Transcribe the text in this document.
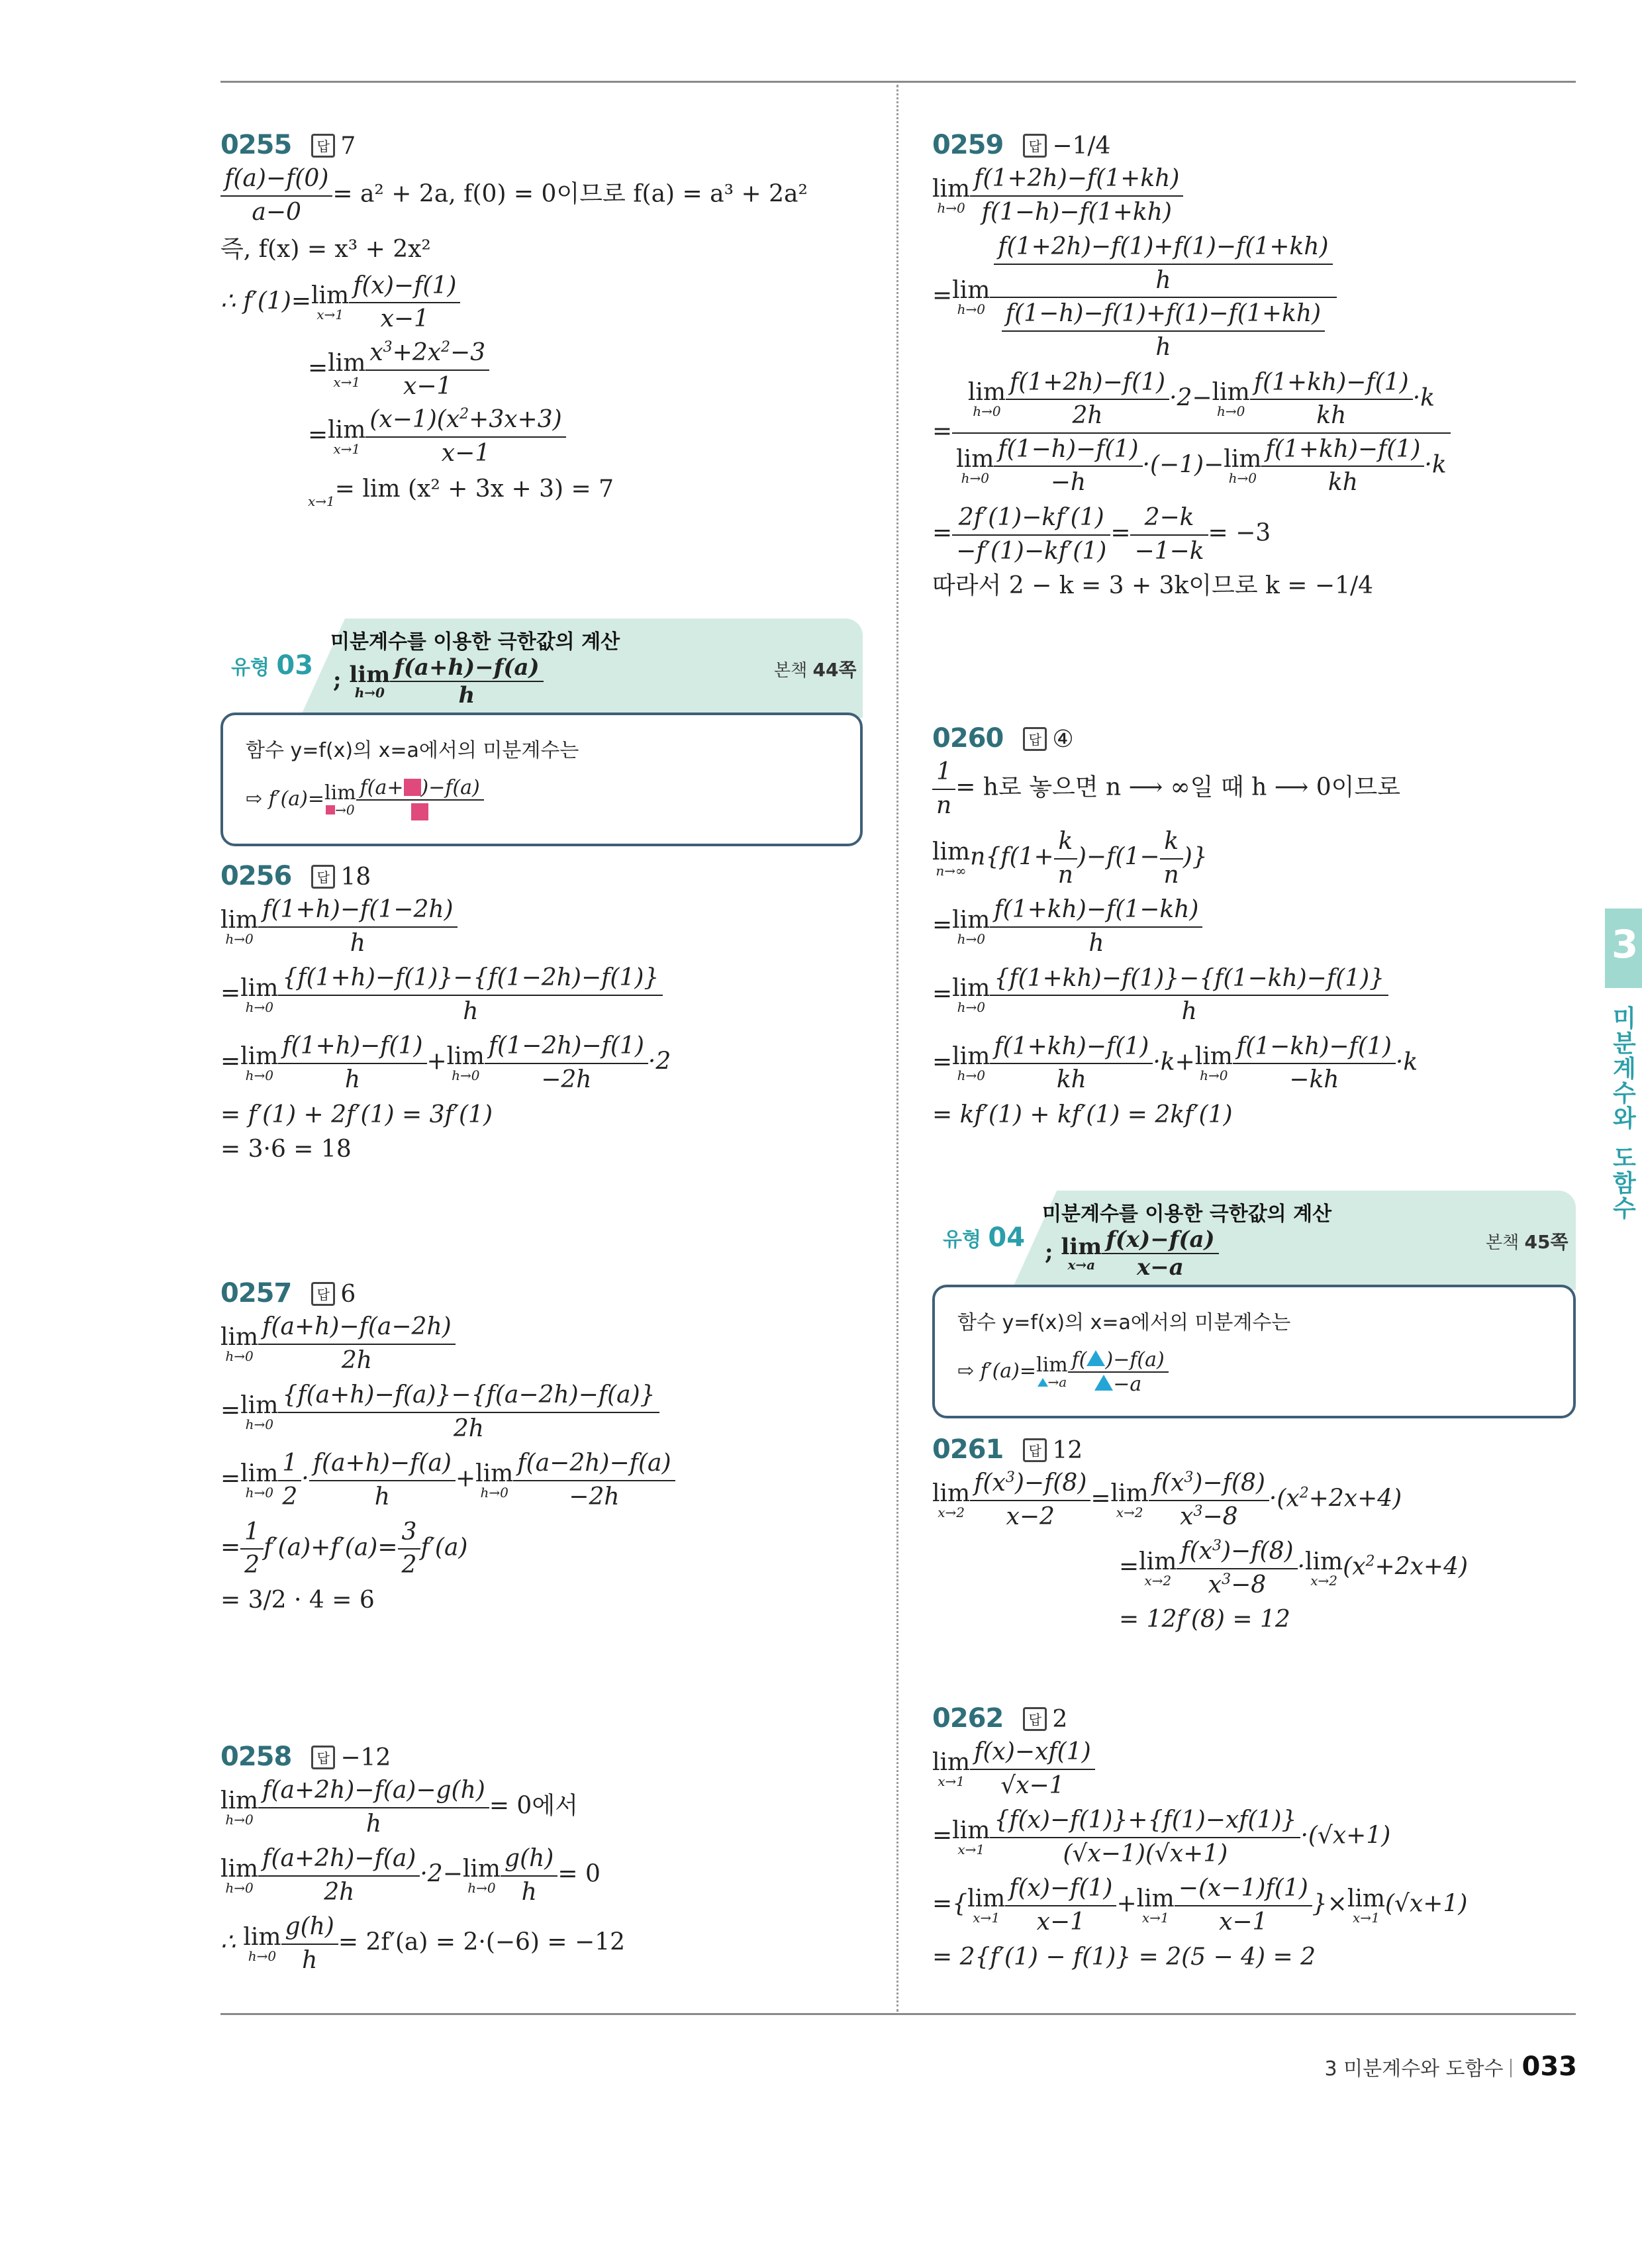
0255 답 7
$\frac{f(a)-f(0)}{a-0} = a^2 + 2a$, f(0) = 0이므로 f(a) = a³ + 2a²
즉, f(x) = x³ + 2x²
∴ f′(1)=lim
$x\to 1 \frac{f(x)-f(1)}{x-1}$
=lim
$x\to 1 \frac{x^3+2x^2-3}{x-1}$
=lim
$x\to 1 \frac{(x-1)(x^2+3x+3)}{x-1}$

x→1 = lim (x² + 3x + 3) = 7
유형 03
미분계수를 이용한 극한값의 계산
; lim
$h\to 0 \frac{f(a+h)-f(a)}{h}$	본책 44쪽
함수 y=f(x)의 x=a에서의 미분계수는
⇨ f′(a)=lim
→0
f(a+ )−f(a)
0256 답 18
lim
$h\to 0 \frac{f(1+h)-f(1-2h)}{h}$
=lim
$h\to 0 \frac{\{f(1+h)-f(1)\}-\{f(1-2h)-f(1)\}}{h}$
=lim
$h\to 0 \frac{f(1+h)-f(1)}{h} +\lim$
$h\to 0 \frac{f(1-2h)-f(1)}{-2h} \cdot 2$
= f′(1) + 2f′(1) = 3f′(1)
= 3·6 = 18
0257 답 6
lim
$h\to 0 \frac{f(a+h)-f(a-2h)}{2h}$
=lim
$h\to 0 \frac{\{f(a+h)-f(a)\}-\{f(a-2h)-f(a)\}}{2h}$
=lim
$h\to 0 \frac{1}{2} \cdot \frac{f(a+h)-f(a)}{h} +\lim$
$h\to 0 \frac{f(a-2h)-f(a)}{-2h}$
= $\frac{1}{2} f'(a)+f'(a)= \frac{3}{2} f'(a)$
= 3/2 · 4 = 6
0258 답 −12
lim
$h\to 0 \frac{f(a+2h)-f(a)-g(h)}{h} = 0$에서
lim
$h\to 0 \frac{f(a+2h)-f(a)}{2h} \cdot 2-\lim$
$h\to 0 \frac{g(h)}{h} = 0$
∴ lim
$h\to 0 \frac{g(h)}{h} = 2f'(a) = 2\cdot(-6) = -12$
0259 답 −1/4
lim
$h\to 0 \frac{f(1+2h)-f(1+kh)}{f(1-h)-f(1+kh)}$
=lim
$h\to 0 \frac{\frac{f(1+2h)-f(1)+f(1)-f(1+kh)}{h}}{\frac{f(1-h)-f(1)+f(1)-f(1+kh)}{h}}$
= lim
$h\to 0 \frac{f(1+2h)-f(1)}{2h} \cdot 2-\lim$
$h\to 0 \frac{f(1+kh)-f(1)}{kh} \cdot k$
lim
$h\to 0 \frac{f(1-h)-f(1)}{-h} \cdot(-1)-\lim$
$h\to 0 \frac{f(1+kh)-f(1)}{kh} \cdot k$
= $\frac{2f'(1)-kf'(1)}{-f'(1)-kf'(1)} = \frac{2-k}{-1-k} = -3$
따라서 2 − k = 3 + 3k이므로 k = −1/4
0260 답 ④
$\frac{1}{n} = h$로 놓으면 n ⟶ ∞일 때 h ⟶ 0이므로
lim
n→∞ $n\{f(1+ \frac{k}{n} )-f(1- \frac{k}{n}$ )}
=lim
$h\to 0 \frac{f(1+kh)-f(1-kh)}{h}$
=lim
$h\to 0 \frac{\{f(1+kh)-f(1)\}-\{f(1-kh)-f(1)\}}{h}$
=lim
$h\to 0 \frac{f(1+kh)-f(1)}{kh} \cdot k+\lim$
$h\to 0 \frac{f(1-kh)-f(1)}{-kh} \cdot k$
= kf′(1) + kf′(1) = 2kf′(1)
유형 04
미분계수를 이용한 극한값의 계산
; lim
$x\to a \frac{f(x)-f(a)}{x-a}$	본책 45쪽
함수 y=f(x)의 x=a에서의 미분계수는
⇨ f′(a)=lim
$\to a \frac{f( )-f(a)}{-a}$
0261 답 12
lim
$x\to 2 \frac{f(x^3)-f(8)}{x-2} =\lim$
$x\to 2 \frac{f(x^3)-f(8)}{x^3-8} \cdot(x^2+2x+4)$
=lim
$x\to 2 \frac{f(x^3)-f(8)}{x^3-8} \cdot\lim$
x→2 $(x^2+2x+4)$
= 12f′(8) = 12
0262 답 2
lim
$x\to 1 \frac{f(x)-xf(1)}{√x-1}$
=lim
$x\to 1 \frac{\{f(x)-f(1)\}+\{f(1)-xf(1)\}}{(√x-1)(√x+1)} \cdot(√x+1)$
={lim
$x\to 1 \frac{f(x)-f(1)}{x-1} +\lim$
$x\to 1 \frac{-(x-1)f(1)}{x-1} \}\times\lim$
x→1 (√x+1)
= 2{f′(1) − f(1)} = 2(5 − 4) = 2
3
미
분
계
수
와
도
함
수
3 미분계수와 도함수 033
